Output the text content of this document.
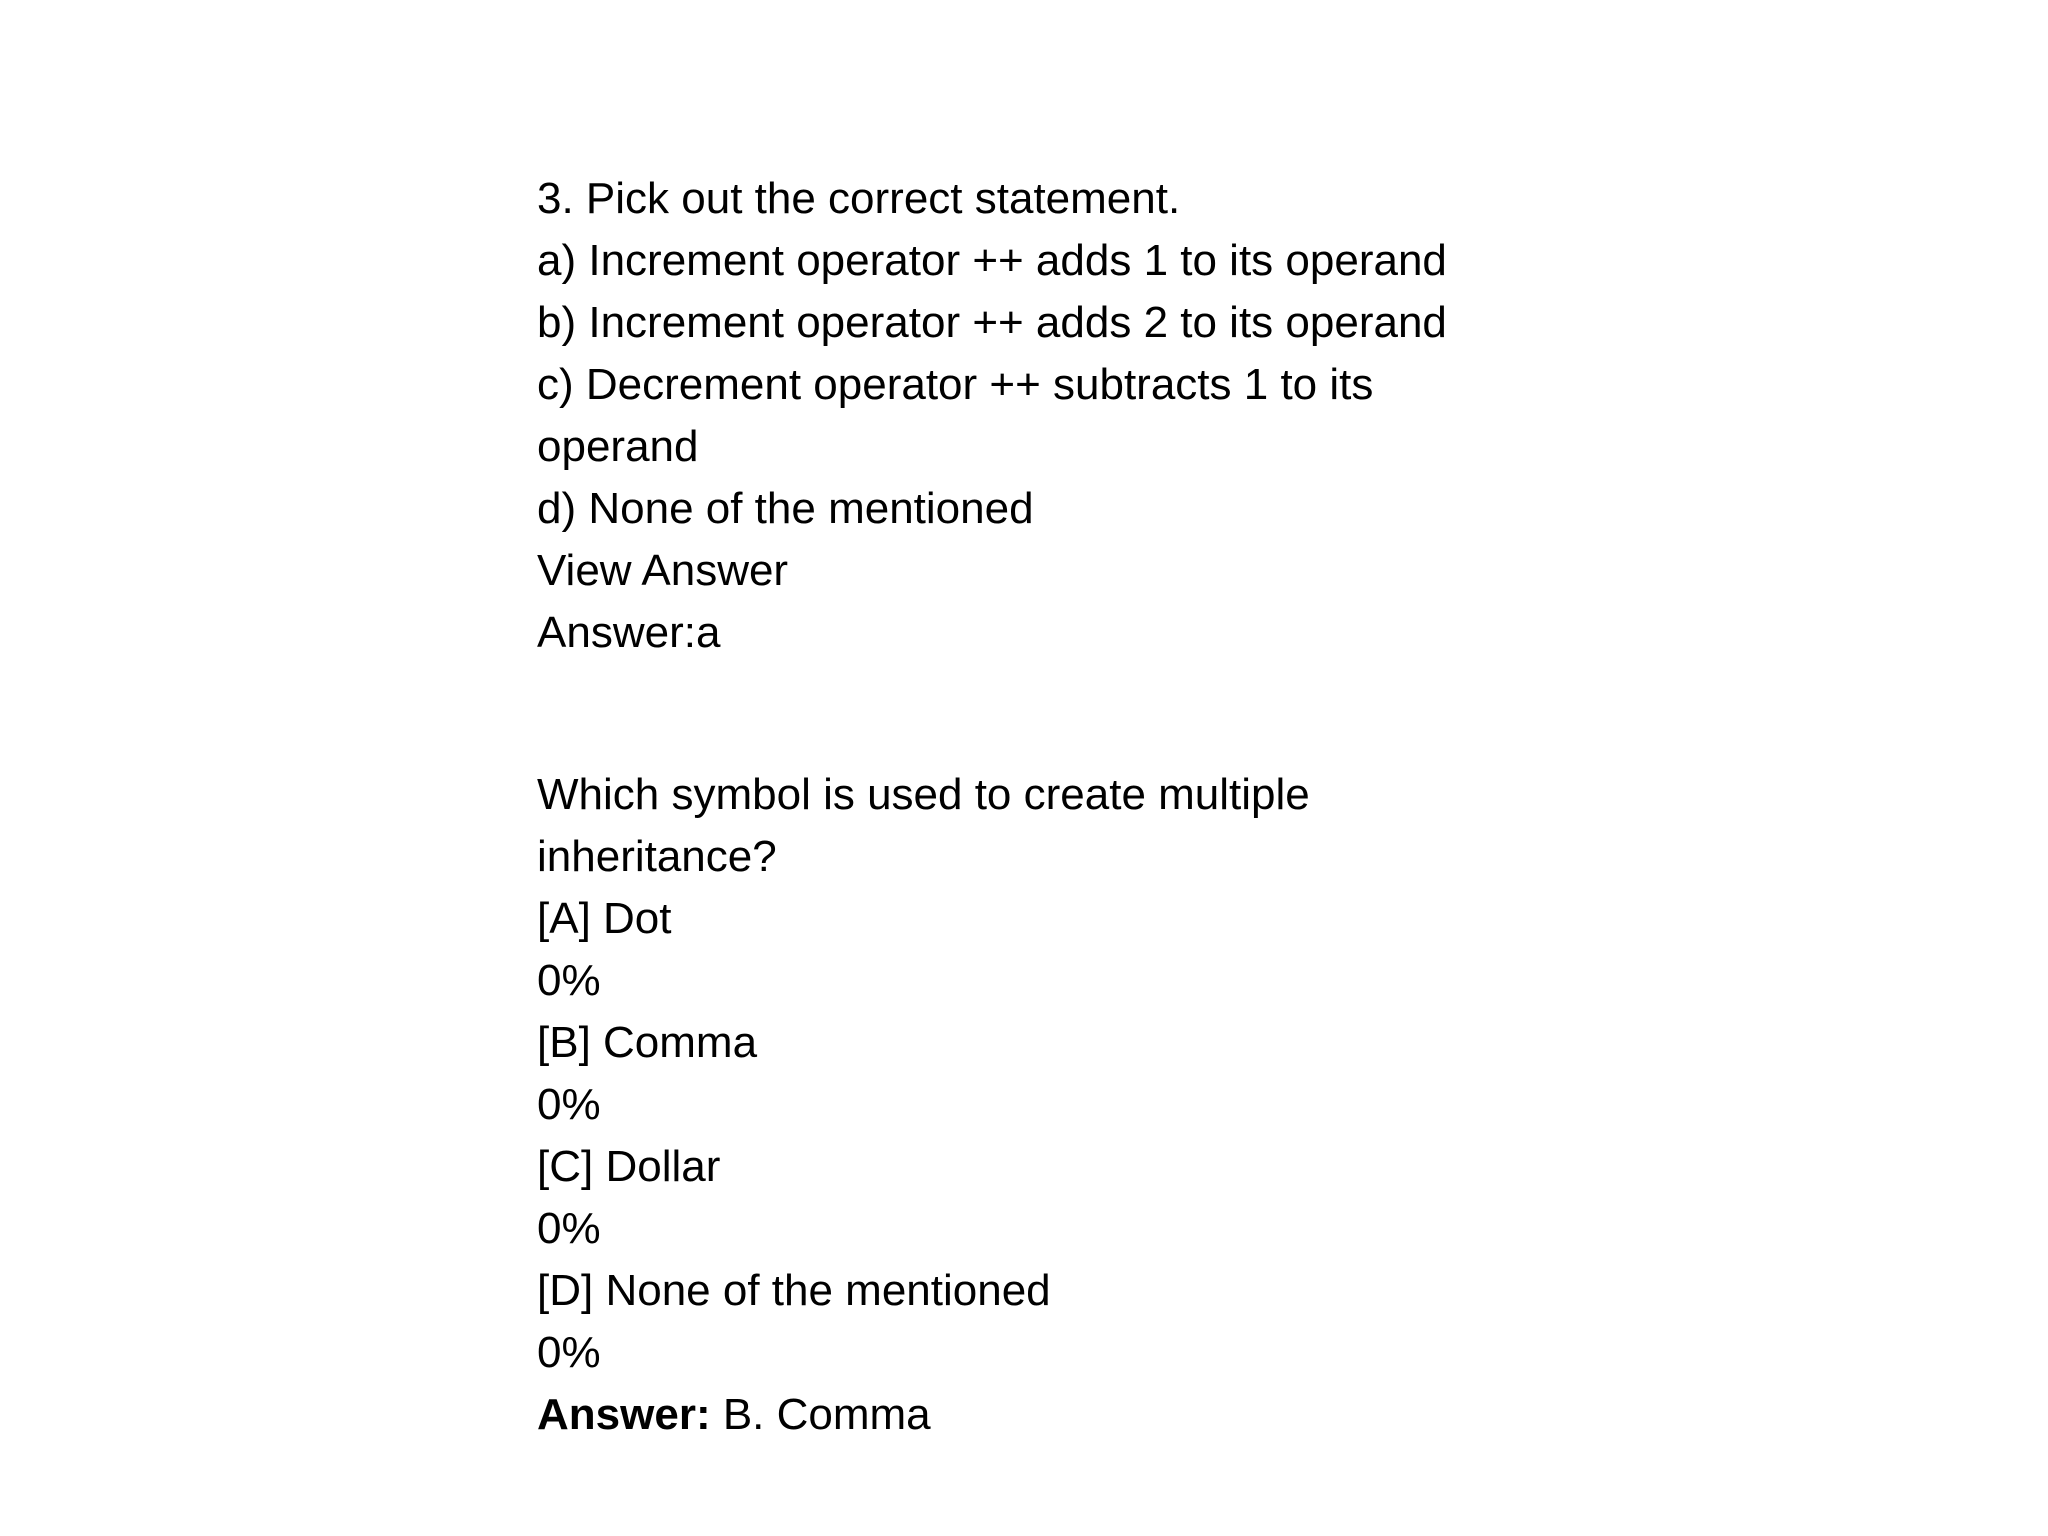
3. Pick out the correct statement.
a) Increment operator ++ adds 1 to its operand
b) Increment operator ++ adds 2 to its operand
c) Decrement operator ++ subtracts 1 to its
operand
d) None of the mentioned
View Answer
Answer:a
Which symbol is used to create multiple
inheritance?
[A] Dot
0%
[B] Comma
0%
[C] Dollar
0%
[D] None of the mentioned
0%
Answer: B. Comma
